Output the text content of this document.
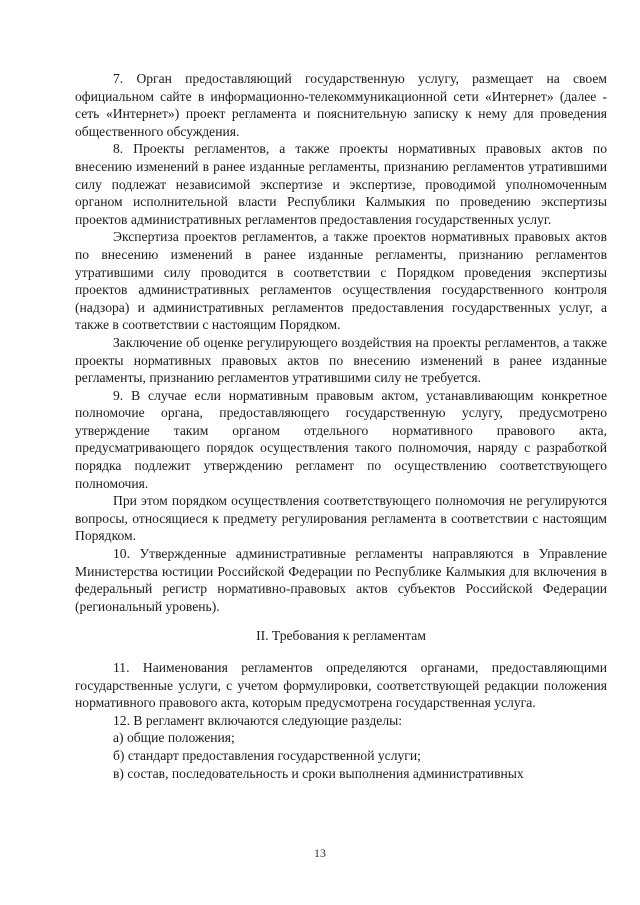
7. Орган предоставляющий государственную услугу, размещает на своем официальном сайте в информационно-телекоммуникационной сети «Интернет» (далее - сеть «Интернет») проект регламента и пояснительную записку к нему для проведения общественного обсуждения.

8. Проекты регламентов, а также проекты нормативных правовых актов по внесению изменений в ранее изданные регламенты, признанию регламентов утратившими силу подлежат независимой экспертизе и экспертизе, проводимой уполномоченным органом исполнительной власти Республики Калмыкия по проведению экспертизы проектов административных регламентов предоставления государственных услуг.

Экспертиза проектов регламентов, а также проектов нормативных правовых актов по внесению изменений в ранее изданные регламенты, признанию регламентов утратившими силу проводится в соответствии с Порядком проведения экспертизы проектов административных регламентов осуществления государственного контроля (надзора) и административных регламентов предоставления государственных услуг, а также в соответствии с настоящим Порядком.

Заключение об оценке регулирующего воздействия на проекты регламентов, а также проекты нормативных правовых актов по внесению изменений в ранее изданные регламенты, признанию регламентов утратившими силу не требуется.

9. В случае если нормативным правовым актом, устанавливающим конкретное полномочие органа, предоставляющего государственную услугу, предусмотрено утверждение таким органом отдельного нормативного правового акта, предусматривающего порядок осуществления такого полномочия, наряду с разработкой порядка подлежит утверждению регламент по осуществлению соответствующего полномочия.

При этом порядком осуществления соответствующего полномочия не регулируются вопросы, относящиеся к предмету регулирования регламента в соответствии с настоящим Порядком.

10. Утвержденные административные регламенты направляются в Управление Министерства юстиции Российской Федерации по Республике Калмыкия для включения в федеральный регистр нормативно-правовых актов субъектов Российской Федерации (региональный уровень).

II. Требования к регламентам

11. Наименования регламентов определяются органами, предоставляющими государственные услуги, с учетом формулировки, соответствующей редакции положения нормативного правового акта, которым предусмотрена государственная услуга.

12. В регламент включаются следующие разделы:

а) общие положения;

б) стандарт предоставления государственной услуги;

в) состав, последовательность и сроки выполнения административных

13
